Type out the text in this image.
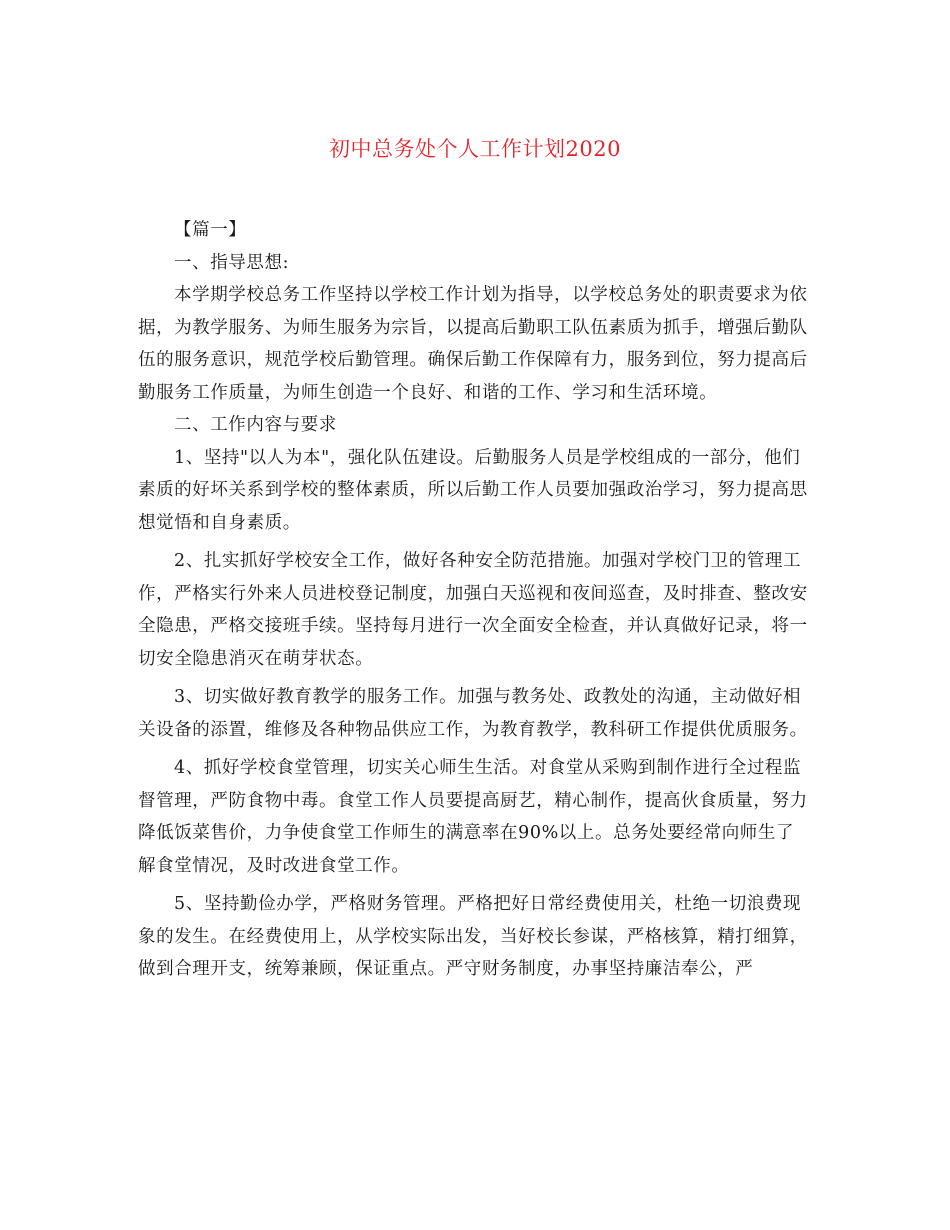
初中总务处个人工作计划2020

【篇一】

一、指导思想:

本学期学校总务工作坚持以学校工作计划为指导，以学校总务处的职责要求为依据，为教学服务、为师生服务为宗旨，以提高后勤职工队伍素质为抓手，增强后勤队伍的服务意识，规范学校后勤管理。确保后勤工作保障有力，服务到位，努力提高后勤服务工作质量，为师生创造一个良好、和谐的工作、学习和生活环境。

二、工作内容与要求

1、坚持"以人为本"，强化队伍建设。后勤服务人员是学校组成的一部分，他们素质的好坏关系到学校的整体素质，所以后勤工作人员要加强政治学习，努力提高思想觉悟和自身素质。

2、扎实抓好学校安全工作，做好各种安全防范措施。加强对学校门卫的管理工作，严格实行外来人员进校登记制度，加强白天巡视和夜间巡查，及时排查、整改安全隐患，严格交接班手续。坚持每月进行一次全面安全检查，并认真做好记录，将一切安全隐患消灭在萌芽状态。

3、切实做好教育教学的服务工作。加强与教务处、政教处的沟通，主动做好相关设备的添置，维修及各种物品供应工作，为教育教学，教科研工作提供优质服务。

4、抓好学校食堂管理，切实关心师生生活。对食堂从采购到制作进行全过程监督管理，严防食物中毒。食堂工作人员要提高厨艺，精心制作，提高伙食质量，努力降低饭菜售价，力争使食堂工作师生的满意率在90%以上。总务处要经常向师生了解食堂情况，及时改进食堂工作。

5、坚持勤俭办学，严格财务管理。严格把好日常经费使用关，杜绝一切浪费现象的发生。在经费使用上，从学校实际出发，当好校长参谋，严格核算，精打细算，做到合理开支，统筹兼顾，保证重点。严守财务制度，办事坚持廉洁奉公，严
